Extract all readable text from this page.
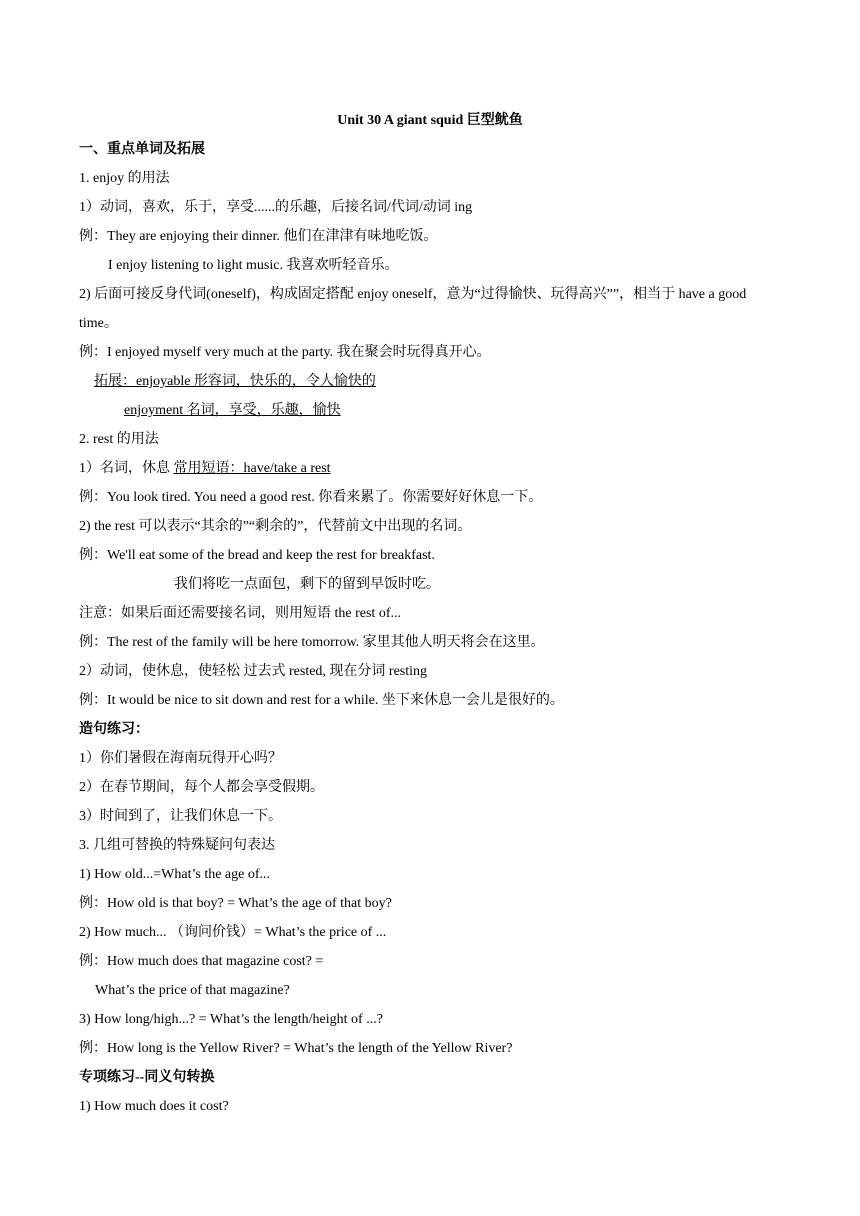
Unit 30 A giant squid 巨型鱿鱼
一、重点单词及拓展
1. enjoy 的用法
1）动词，喜欢，乐于，享受......的乐趣，后接名词/代词/动词 ing
例：They are enjoying their dinner. 他们在津津有味地吃饭。
I enjoy listening to light music. 我喜欢听轻音乐。
2) 后面可接反身代词(oneself)，构成固定搭配 enjoy oneself，意为“过得愉快、玩得高兴””，相当于 have a good
time。
例：I enjoyed myself very much at the party. 我在聚会时玩得真开心。
拓展：enjoyable 形容词，快乐的，令人愉快的
enjoyment 名词，享受，乐趣，愉快
2. rest 的用法
1）名词，休息 常用短语：have/take a rest
例：You look tired. You need a good rest. 你看来累了。你需要好好休息一下。
2) the rest 可以表示“其余的”“剩余的”，代替前文中出现的名词。
例：We'll eat some of the bread and keep the rest for breakfast.
我们将吃一点面包，剩下的留到早饭时吃。
注意：如果后面还需要接名词，则用短语 the rest of...
例：The rest of the family will be here tomorrow. 家里其他人明天将会在这里。
2）动词，使休息，使轻松 过去式 rested, 现在分词 resting
例：It would be nice to sit down and rest for a while. 坐下来休息一会儿是很好的。
造句练习：
1）你们暑假在海南玩得开心吗？
2）在春节期间，每个人都会享受假期。
3）时间到了，让我们休息一下。
3. 几组可替换的特殊疑问句表达
1) How old...=What’s the age of...
例：How old is that boy? = What’s the age of that boy?
2) How much... （询问价钱）= What’s the price of ...
例：How much does that magazine cost? =
What’s the price of that magazine?
3) How long/high...? = What’s the length/height of ...?
例：How long is the Yellow River? = What’s the length of the Yellow River?
专项练习--同义句转换
1) How much does it cost?
